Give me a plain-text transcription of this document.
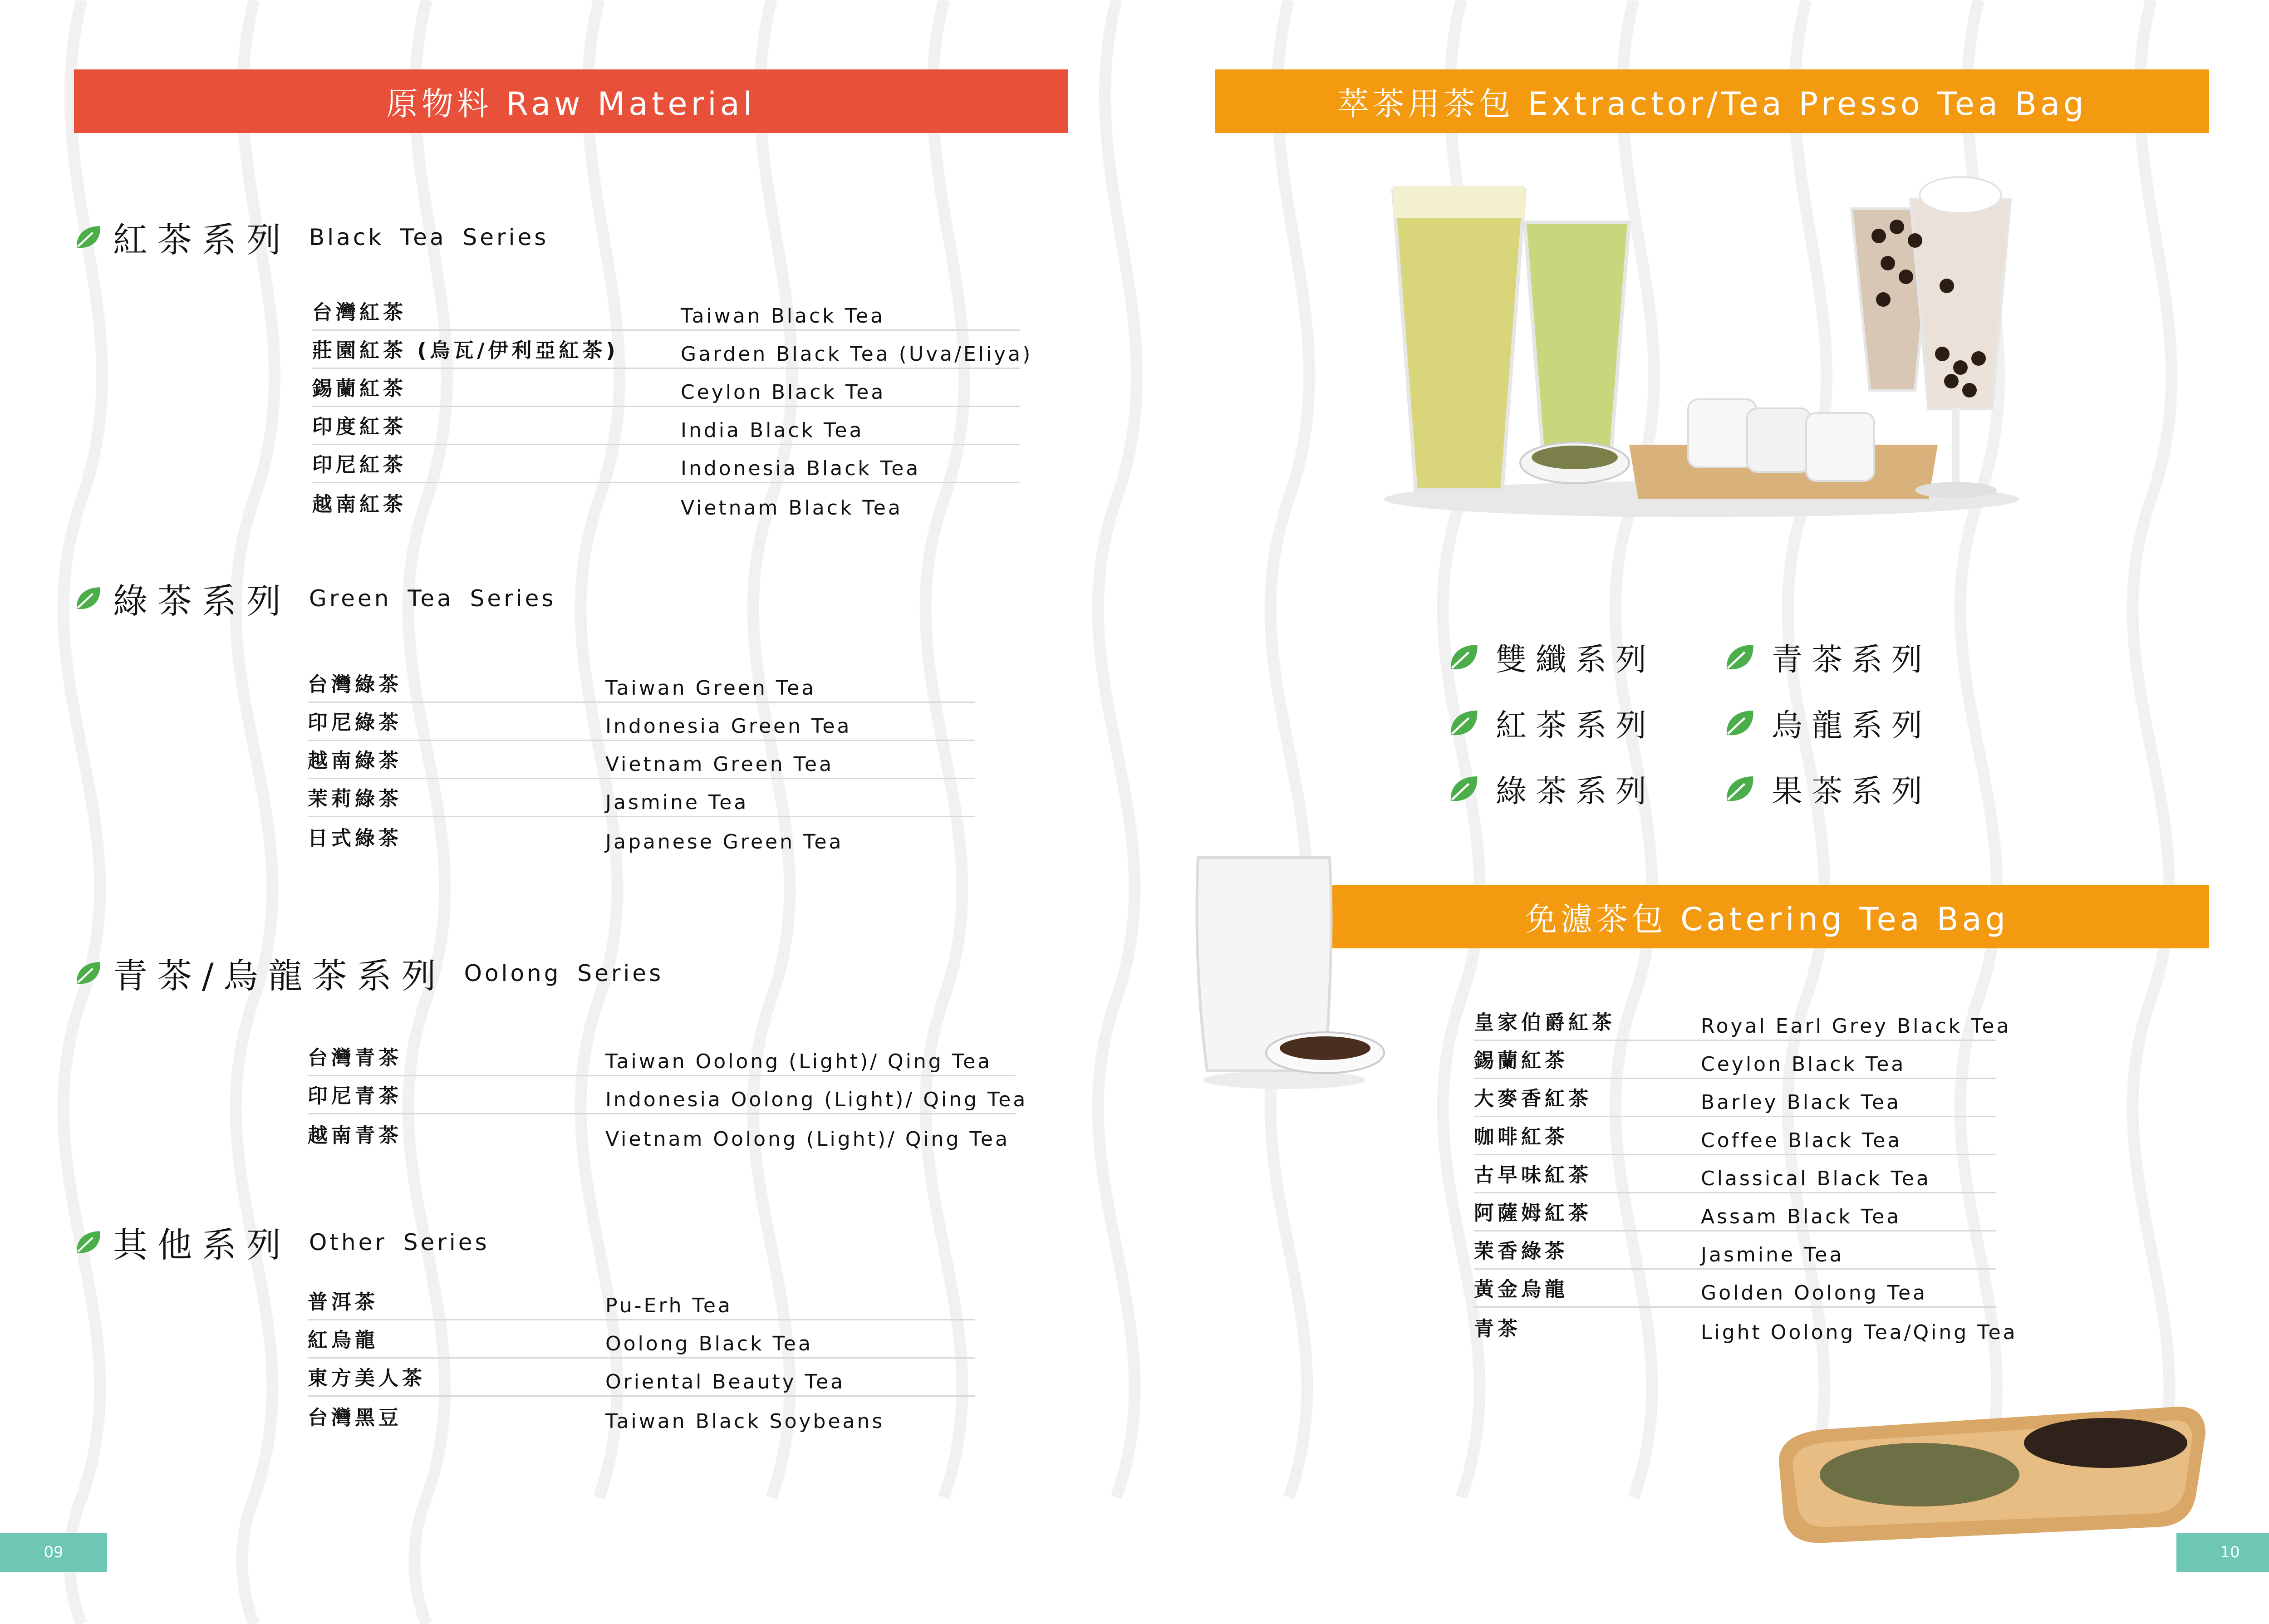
原物料 Raw Material
紅茶系列 Black Tea Series
台灣紅茶	Taiwan Black Tea
莊園紅茶 (烏瓦/伊利亞紅茶)	Garden Black Tea (Uva/Eliya)
錫蘭紅茶	Ceylon Black Tea
印度紅茶	India Black Tea
印尼紅茶	Indonesia Black Tea
越南紅茶	Vietnam Black Tea
綠茶系列 Green Tea Series
台灣綠茶	Taiwan Green Tea
印尼綠茶	Indonesia Green Tea
越南綠茶	Vietnam Green Tea
茉莉綠茶	Jasmine Tea
日式綠茶	Japanese Green Tea
青茶/烏龍茶系列 Oolong Series
台灣青茶	Taiwan Oolong (Light)/ Qing Tea
印尼青茶	Indonesia Oolong (Light)/ Qing Tea
越南青茶	Vietnam Oolong (Light)/ Qing Tea
其他系列 Other Series
普洱茶	Pu-Erh Tea
紅烏龍	Oolong Black Tea
東方美人茶	Oriental Beauty Tea
台灣黑豆	Taiwan Black Soybeans
09
萃茶用茶包 Extractor/Tea Presso Tea Bag
雙纖系列	青茶系列
紅茶系列	烏龍系列
綠茶系列	果茶系列
免濾茶包 Catering Tea Bag
皇家伯爵紅茶	Royal Earl Grey Black Tea
錫蘭紅茶	Ceylon Black Tea
大麥香紅茶	Barley Black Tea
咖啡紅茶	Coffee Black Tea
古早味紅茶	Classical Black Tea
阿薩姆紅茶	Assam Black Tea
茉香綠茶	Jasmine Tea
黃金烏龍	Golden Oolong Tea
青茶	Light Oolong Tea/Qing Tea
10
